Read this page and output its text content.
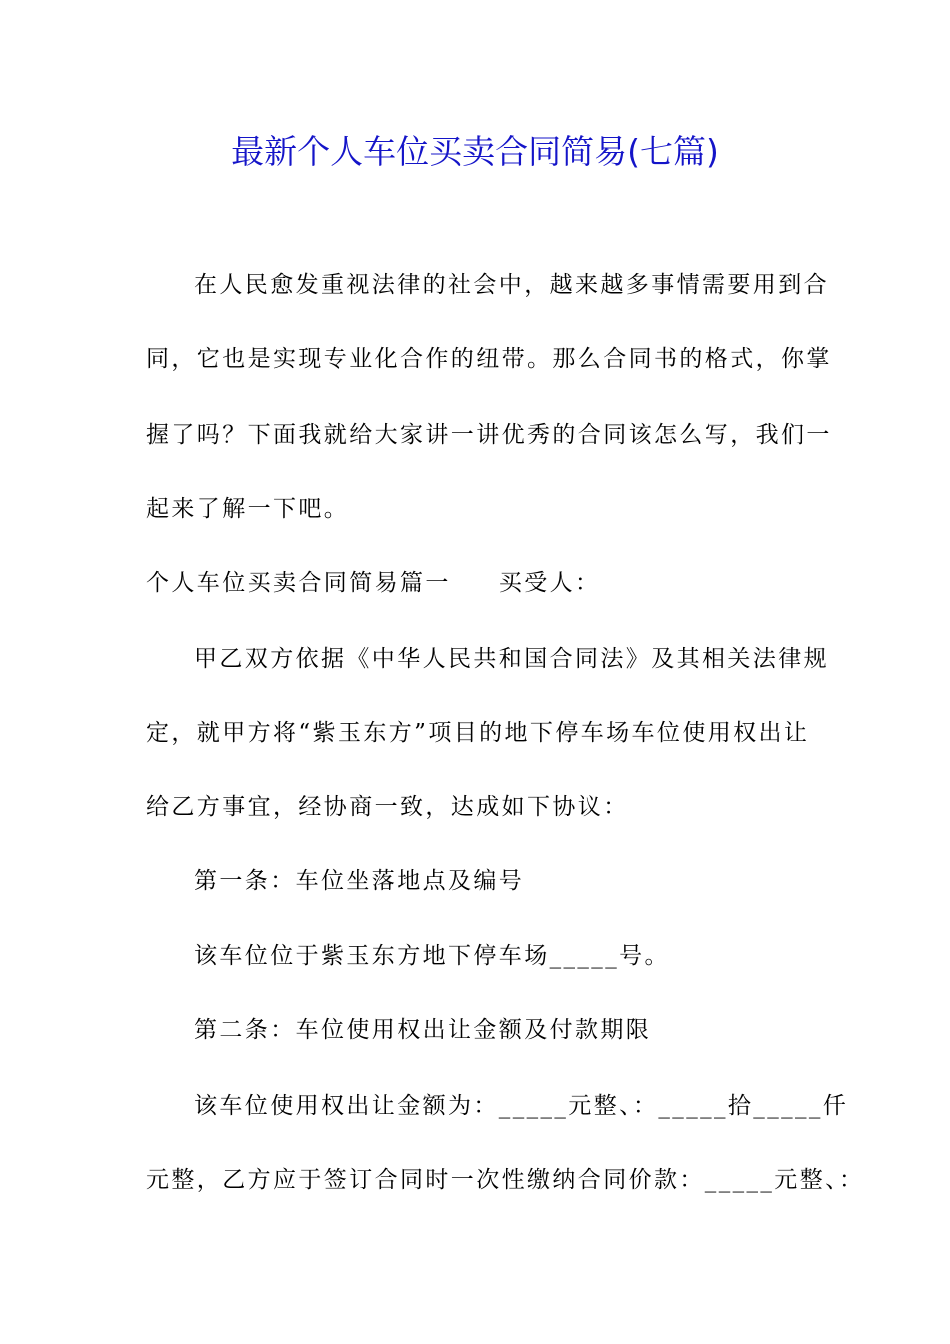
最新个人车位买卖合同简易(七篇)
在人民愈发重视法律的社会中，越来越多事情需要用到合
同，它也是实现专业化合作的纽带。那么合同书的格式，你掌
握了吗？下面我就给大家讲一讲优秀的合同该怎么写，我们一
起来了解一下吧。
个人车位买卖合同简易篇一 买受人：
甲乙双方依据《中华人民共和国合同法》及其相关法律规
定，就甲方将“紫玉东方”项目的地下停车场车位使用权出让
给乙方事宜，经协商一致，达成如下协议：
第一条：车位坐落地点及编号
该车位位于紫玉东方地下停车场_____号。
第二条：车位使用权出让金额及付款期限
该车位使用权出让金额为：_____元整、：_____拾_____仟
元整，乙方应于签订合同时一次性缴纳合同价款：_____元整、：
